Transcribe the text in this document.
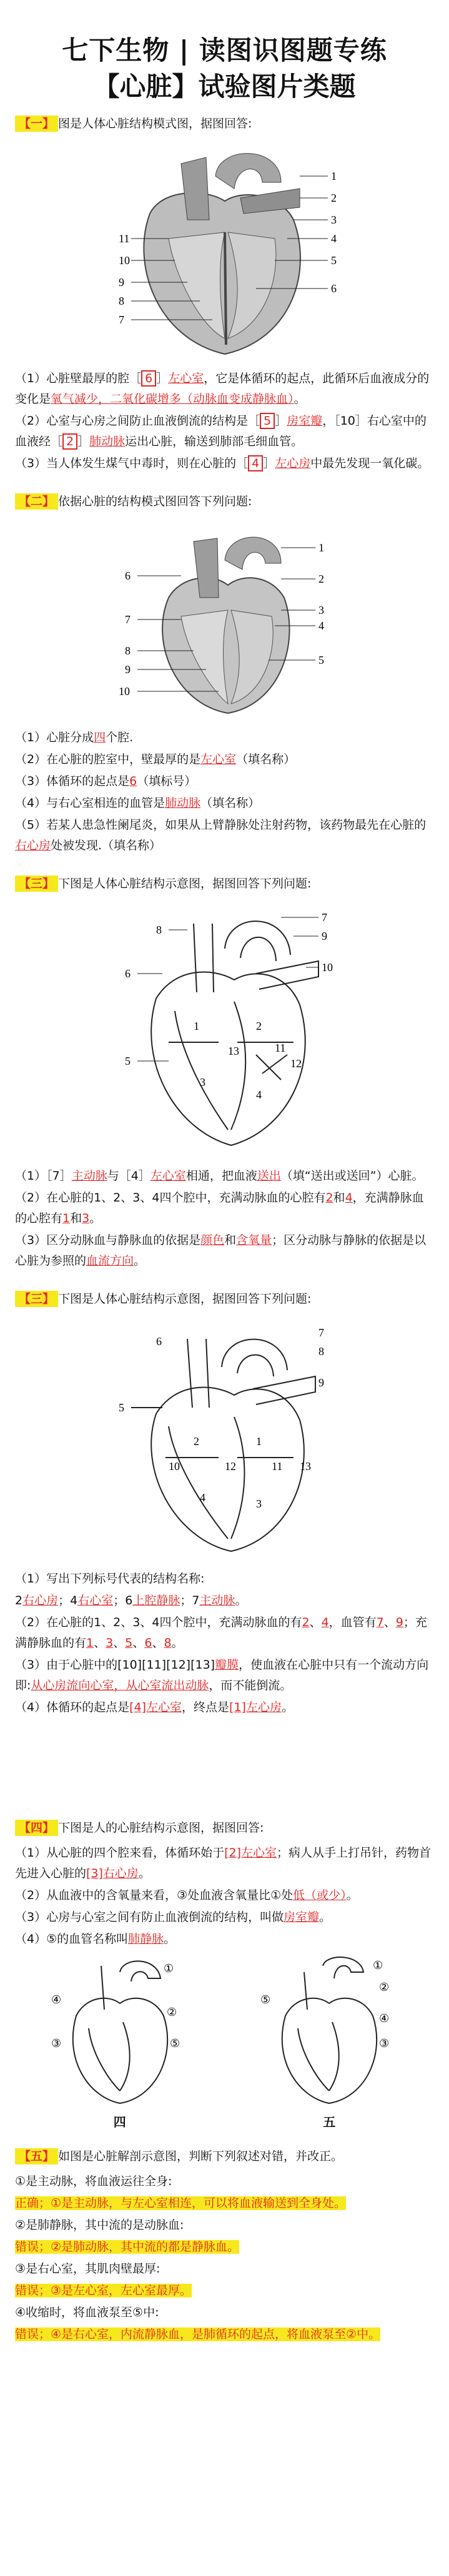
七下生物 | 读图识图题专练
【心脏】试验图片类题
【一】 图是人体心脏结构模式图，据图回答:
1
2
3
4
5
6
11
10
9
8
7
（1）心脏壁最厚的腔［ 6 ］左心室，它是体循环的起点，此循环后血液成分的变化是氧气减少，二氧化碳增多（动脉血变成静脉血）。
（2）心室与心房之间防止血液倒流的结构是［ 5 ］房室瓣，［10］右心室中的血液经［ 2 ］肺动脉运出心脏，输送到肺部毛细血管。
（3）当人体发生煤气中毒时，则在心脏的［ 4 ］左心房中最先发现一氧化碳。
【二】 依据心脏的结构模式图回答下列问题:
1
2
3
4
5
6
7
8
9
10
（1）心脏分成四个腔.
（2）在心脏的腔室中，壁最厚的是左心室（填名称）
（3）体循环的起点是6（填标号）
（4）与右心室相连的血管是肺动脉（填名称）
（5）若某人患急性阑尾炎，如果从上臂静脉处注射药物，该药物最先在心脏的右心房处被发现.（填名称）
【三】 下图是人体心脏结构示意图，据图回答下列问题:
6
8
7
9
10
5
1	2
3
4
11
12
13
（1）［7］主动脉与［4］左心室相通，把血液送出（填“送出或送回”）心脏。
（2）在心脏的1、2、3、4四个腔中，充满动脉血的心腔有2和4，充满静脉血的心腔有1和3。
（3）区分动脉血与静脉血的依据是颜色和含氧量；区分动脉与静脉的依据是以心脏为参照的血流方向。
【三】 下图是人体心脏结构示意图，据图回答下列问题:
5
6
7
8
9
2	1
4	3
10	11
12	13
（1）写出下列标号代表的结构名称:
2右心房；4右心室；6上腔静脉；7主动脉。
（2）在心脏的1、2、3、4四个腔中，充满动脉血的有2、4，血管有7、9；充满静脉血的有1、3、5、6、8。
（3）由于心脏中的[10][11][12][13]瓣膜，使血液在心脏中只有一个流动方向即:从心房流向心室，从心室流出动脉，而不能倒流。
（4）体循环的起点是[4]左心室，终点是[1]左心房。
【四】 下图是人的心脏结构示意图，据图回答:
（1）从心脏的四个腔来看，体循环始于[2]左心室；病人从手上打吊针，药物首先进入心脏的[3]右心房。
（2）从血液中的含氧量来看，③处血液含氧量比①处低（或少）。
（3）心房与心室之间有防止血液倒流的结构，叫做房室瓣。
（4）⑤的血管名称叫肺静脉。
①
②
③
④
⑤
四
①
②
③
④
⑤
五
【五】 如图是心脏解剖示意图，判断下列叙述对错，并改正。
①是主动脉，将血液运往全身:
正确；①是主动脉，与左心室相连，可以将血液输送到全身处。
②是肺静脉，其中流的是动脉血:
错误；②是肺动脉，其中流的都是静脉血。
③是右心室，其肌肉壁最厚:
错误；③是左心室，左心室最厚。
④收缩时，将血液泵至⑤中:
错误；④是右心室，内流静脉血，是肺循环的起点，将血液泵至②中。
